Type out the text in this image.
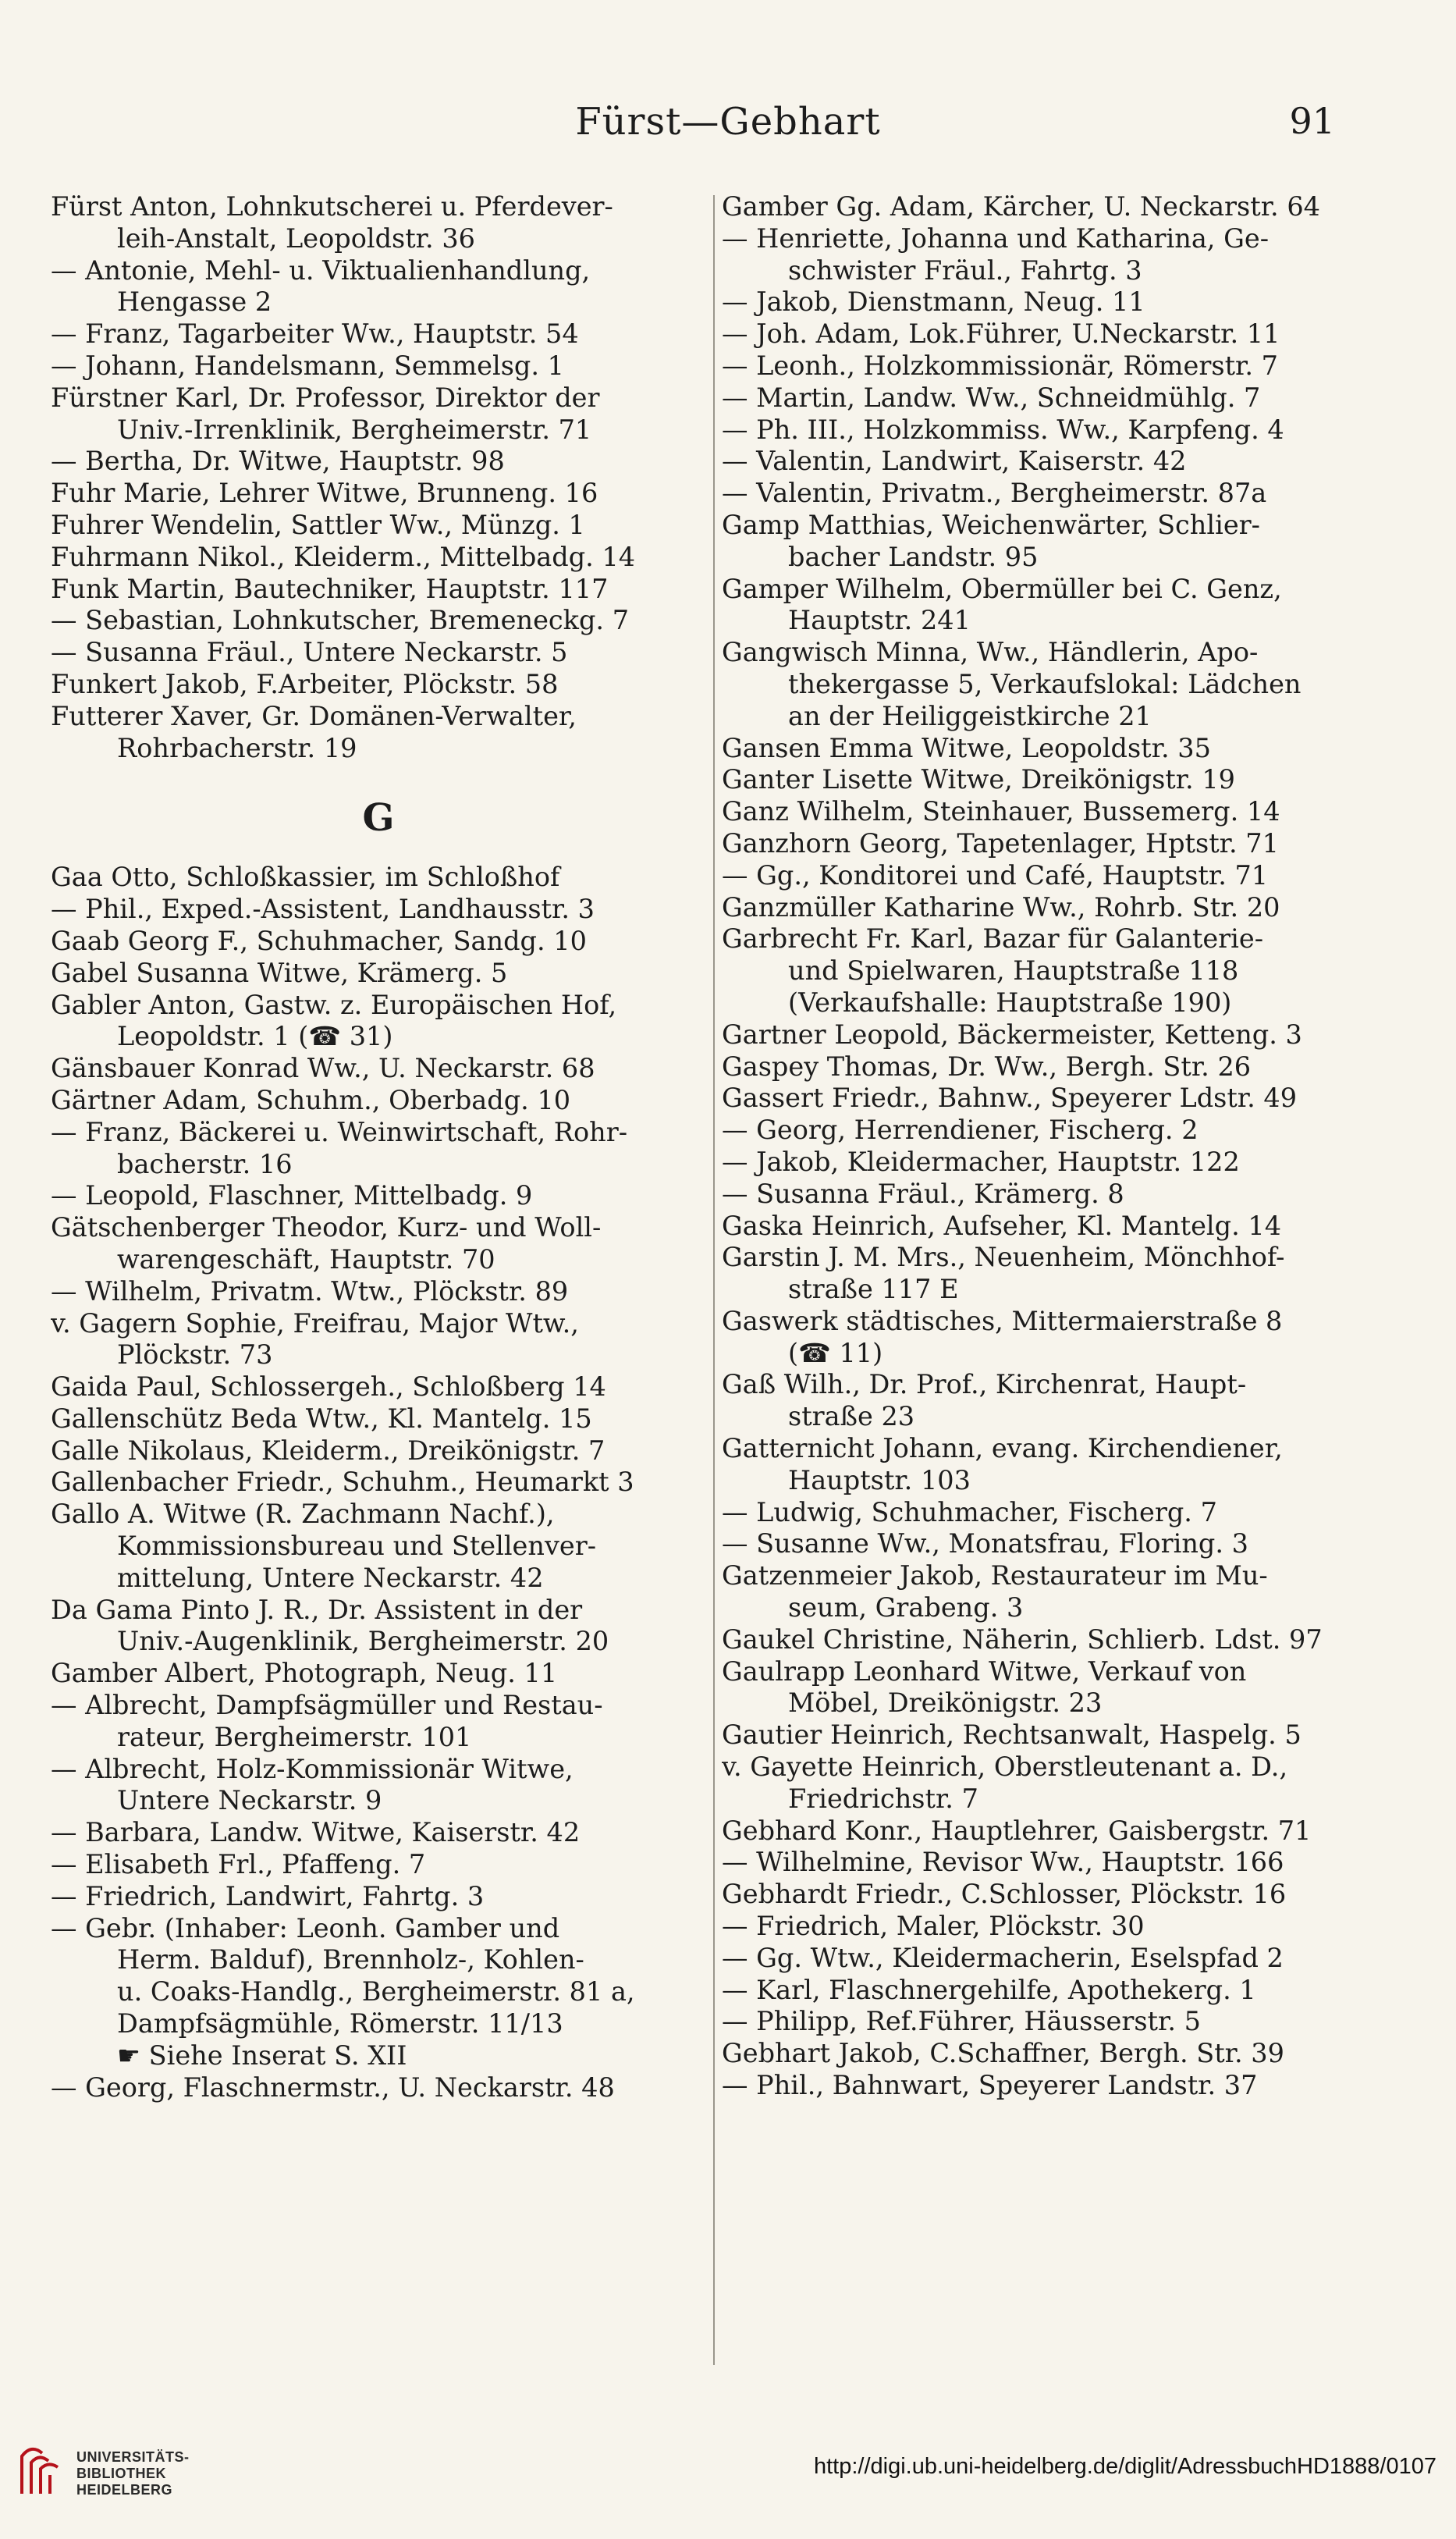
Fürst—Gebhart	91
Fürst Anton, Lohnkutscherei u. Pferdever-
leih-Anstalt, Leopoldstr. 36
— Antonie, Mehl- u. Viktualienhandlung,
Hengasse 2
— Franz, Tagarbeiter Ww., Hauptstr. 54
— Johann, Handelsmann, Semmelsg. 1
Fürstner Karl, Dr. Professor, Direktor der
Univ.-Irrenklinik, Bergheimerstr. 71
— Bertha, Dr. Witwe, Hauptstr. 98
Fuhr Marie, Lehrer Witwe, Brunneng. 16
Fuhrer Wendelin, Sattler Ww., Münzg. 1
Fuhrmann Nikol., Kleiderm., Mittelbadg. 14
Funk Martin, Bautechniker, Hauptstr. 117
— Sebastian, Lohnkutscher, Bremeneckg. 7
— Susanna Fräul., Untere Neckarstr. 5
Funkert Jakob, F.Arbeiter, Plöckstr. 58
Futterer Xaver, Gr. Domänen-Verwalter,
Rohrbacherstr. 19
G
Gaa Otto, Schloßkassier, im Schloßhof
— Phil., Exped.-Assistent, Landhausstr. 3
Gaab Georg F., Schuhmacher, Sandg. 10
Gabel Susanna Witwe, Krämerg. 5
Gabler Anton, Gastw. z. Europäischen Hof,
Leopoldstr. 1 (☎ 31)
Gänsbauer Konrad Ww., U. Neckarstr. 68
Gärtner Adam, Schuhm., Oberbadg. 10
— Franz, Bäckerei u. Weinwirtschaft, Rohr-
bacherstr. 16
— Leopold, Flaschner, Mittelbadg. 9
Gätschenberger Theodor, Kurz- und Woll-
warengeschäft, Hauptstr. 70
— Wilhelm, Privatm. Wtw., Plöckstr. 89
v. Gagern Sophie, Freifrau, Major Wtw.,
Plöckstr. 73
Gaida Paul, Schlossergeh., Schloßberg 14
Gallenschütz Beda Wtw., Kl. Mantelg. 15
Galle Nikolaus, Kleiderm., Dreikönigstr. 7
Gallenbacher Friedr., Schuhm., Heumarkt 3
Gallo A. Witwe (R. Zachmann Nachf.),
Kommissionsbureau und Stellenver-
mittelung, Untere Neckarstr. 42
Da Gama Pinto J. R., Dr. Assistent in der
Univ.-Augenklinik, Bergheimerstr. 20
Gamber Albert, Photograph, Neug. 11
— Albrecht, Dampfsägmüller und Restau-
rateur, Bergheimerstr. 101
— Albrecht, Holz-Kommissionär Witwe,
Untere Neckarstr. 9
— Barbara, Landw. Witwe, Kaiserstr. 42
— Elisabeth Frl., Pfaffeng. 7
— Friedrich, Landwirt, Fahrtg. 3
— Gebr. (Inhaber: Leonh. Gamber und
Herm. Balduf), Brennholz-, Kohlen-
u. Coaks-Handlg., Bergheimerstr. 81 a,
Dampfsägmühle, Römerstr. 11/13
☛ Siehe Inserat S. XII
— Georg, Flaschnermstr., U. Neckarstr. 48
Gamber Gg. Adam, Kärcher, U. Neckarstr. 64
— Henriette, Johanna und Katharina, Ge-
schwister Fräul., Fahrtg. 3
— Jakob, Dienstmann, Neug. 11
— Joh. Adam, Lok.Führer, U.Neckarstr. 11
— Leonh., Holzkommissionär, Römerstr. 7
— Martin, Landw. Ww., Schneidmühlg. 7
— Ph. III., Holzkommiss. Ww., Karpfeng. 4
— Valentin, Landwirt, Kaiserstr. 42
— Valentin, Privatm., Bergheimerstr. 87a
Gamp Matthias, Weichenwärter, Schlier-
bacher Landstr. 95
Gamper Wilhelm, Obermüller bei C. Genz,
Hauptstr. 241
Gangwisch Minna, Ww., Händlerin, Apo-
thekergasse 5, Verkaufslokal: Lädchen
an der Heiliggeistkirche 21
Gansen Emma Witwe, Leopoldstr. 35
Ganter Lisette Witwe, Dreikönigstr. 19
Ganz Wilhelm, Steinhauer, Bussemerg. 14
Ganzhorn Georg, Tapetenlager, Hptstr. 71
— Gg., Konditorei und Café, Hauptstr. 71
Ganzmüller Katharine Ww., Rohrb. Str. 20
Garbrecht Fr. Karl, Bazar für Galanterie-
und Spielwaren, Hauptstraße 118
(Verkaufshalle: Hauptstraße 190)
Gartner Leopold, Bäckermeister, Ketteng. 3
Gaspey Thomas, Dr. Ww., Bergh. Str. 26
Gassert Friedr., Bahnw., Speyerer Ldstr. 49
— Georg, Herrendiener, Fischerg. 2
— Jakob, Kleidermacher, Hauptstr. 122
— Susanna Fräul., Krämerg. 8
Gaska Heinrich, Aufseher, Kl. Mantelg. 14
Garstin J. M. Mrs., Neuenheim, Mönchhof-
straße 117 E
Gaswerk städtisches, Mittermaierstraße 8
(☎ 11)
Gaß Wilh., Dr. Prof., Kirchenrat, Haupt-
straße 23
Gatternicht Johann, evang. Kirchendiener,
Hauptstr. 103
— Ludwig, Schuhmacher, Fischerg. 7
— Susanne Ww., Monatsfrau, Floring. 3
Gatzenmeier Jakob, Restaurateur im Mu-
seum, Grabeng. 3
Gaukel Christine, Näherin, Schlierb. Ldst. 97
Gaulrapp Leonhard Witwe, Verkauf von
Möbel, Dreikönigstr. 23
Gautier Heinrich, Rechtsanwalt, Haspelg. 5
v. Gayette Heinrich, Oberstleutenant a. D.,
Friedrichstr. 7
Gebhard Konr., Hauptlehrer, Gaisbergstr. 71
— Wilhelmine, Revisor Ww., Hauptstr. 166
Gebhardt Friedr., C.Schlosser, Plöckstr. 16
— Friedrich, Maler, Plöckstr. 30
— Gg. Wtw., Kleidermacherin, Eselspfad 2
— Karl, Flaschnergehilfe, Apothekerg. 1
— Philipp, Ref.Führer, Häusserstr. 5
Gebhart Jakob, C.Schaffner, Bergh. Str. 39
— Phil., Bahnwart, Speyerer Landstr. 37
UNIVERSITÄTS-
BIBLIOTHEK
HEIDELBERG
http://digi.ub.uni-heidelberg.de/diglit/AdressbuchHD1888/0107
